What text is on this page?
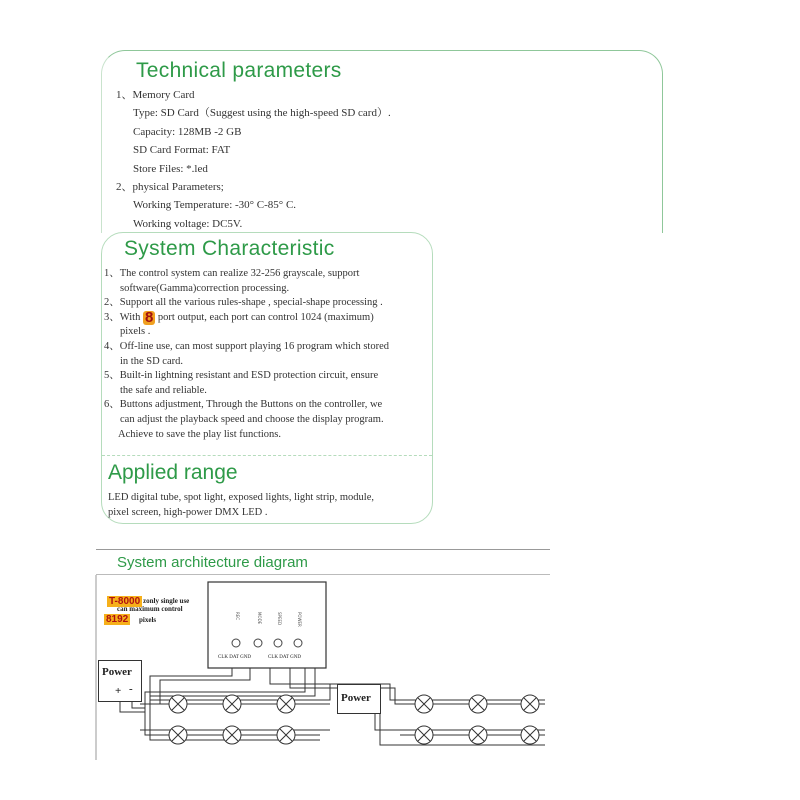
Technical parameters
1、Memory Card
Type: SD Card（Suggest using the high-speed SD card）.
Capacity: 128MB -2 GB
SD Card Format: FAT
Store Files: *.led
2、physical Parameters;
Working Temperature: -30° C-85° C.
Working voltage: DC5V.
System Characteristic
1、The control system can realize 32-256 grayscale, support
software(Gamma)correction processing.
2、Support all the various rules-shape , special-shape processing .
3、With 8 port output, each port can control 1024 (maximum)
pixels .
4、Off-line use, can most support playing 16 program which stored
in the SD card.
5、Built-in lightning resistant and ESD protection circuit, ensure
the safe and reliable.
6、Buttons adjustment, Through the Buttons on the controller, we
can adjust the playback speed and choose the display program.
Achieve to save the play list functions.
Applied range
LED digital tube, spot light, exposed lights, light strip, module,
pixel screen, high-power DMX LED .
System architecture diagram
REC	MODE	SPEED	POWER
T-8000 zonly single use
can maximum control
8192 pixels
CLK DAT GND	CLK DAT GND
Power
+ -
Power
